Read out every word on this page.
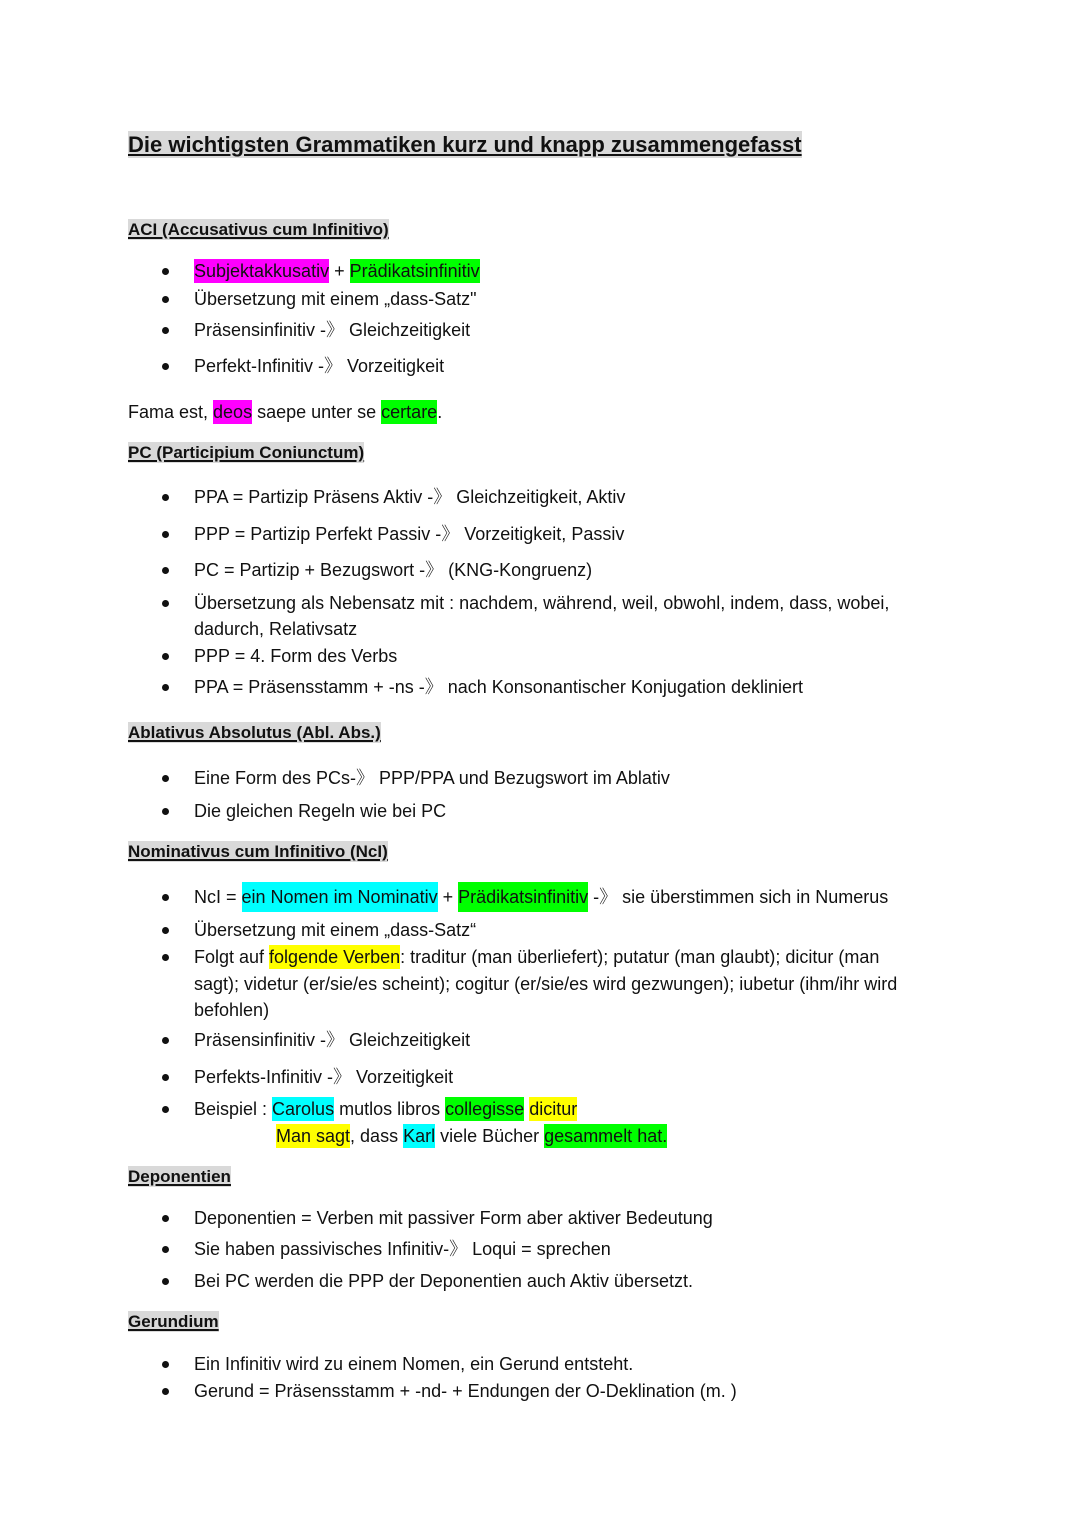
Die wichtigsten Grammatiken kurz und knapp zusammengefasst
ACI (Accusativus cum Infinitivo)
Subjektakkusativ + Prädikatsinfinitiv
Übersetzung mit einem „dass-Satz"
Präsensinfinitiv -》 Gleichzeitigkeit
Perfekt-Infinitiv -》 Vorzeitigkeit
Fama est, deos saepe unter se certare.
PC (Participium Coniunctum)
PPA = Partizip Präsens Aktiv -》 Gleichzeitigkeit, Aktiv
PPP = Partizip Perfekt Passiv -》 Vorzeitigkeit, Passiv
PC = Partizip + Bezugswort -》 (KNG-Kongruenz)
Übersetzung als Nebensatz mit : nachdem, während, weil, obwohl, indem, dass, wobei,
dadurch, Relativsatz
PPP = 4. Form des Verbs
PPA = Präsensstamm + -ns -》 nach Konsonantischer Konjugation dekliniert
Ablativus Absolutus (Abl. Abs.)
Eine Form des PCs-》 PPP/PPA und Bezugswort im Ablativ
Die gleichen Regeln wie bei PC
Nominativus cum Infinitivo (NcI)
NcI = ein Nomen im Nominativ + Prädikatsinfinitiv -》 sie überstimmen sich in Numerus
Übersetzung mit einem „dass-Satz“
Folgt auf folgende Verben: traditur (man überliefert); putatur (man glaubt); dicitur (man
sagt); videtur (er/sie/es scheint); cogitur (er/sie/es wird gezwungen); iubetur (ihm/ihr wird
befohlen)
Präsensinfinitiv -》 Gleichzeitigkeit
Perfekts-Infinitiv -》 Vorzeitigkeit
Beispiel : Carolus mutlos libros collegisse dicitur
Man sagt, dass Karl viele Bücher gesammelt hat.
Deponentien
Deponentien = Verben mit passiver Form aber aktiver Bedeutung
Sie haben passivisches Infinitiv-》 Loqui = sprechen
Bei PC werden die PPP der Deponentien auch Aktiv übersetzt.
Gerundium
Ein Infinitiv wird zu einem Nomen, ein Gerund entsteht.
Gerund = Präsensstamm + -nd- + Endungen der O-Deklination (m. )
